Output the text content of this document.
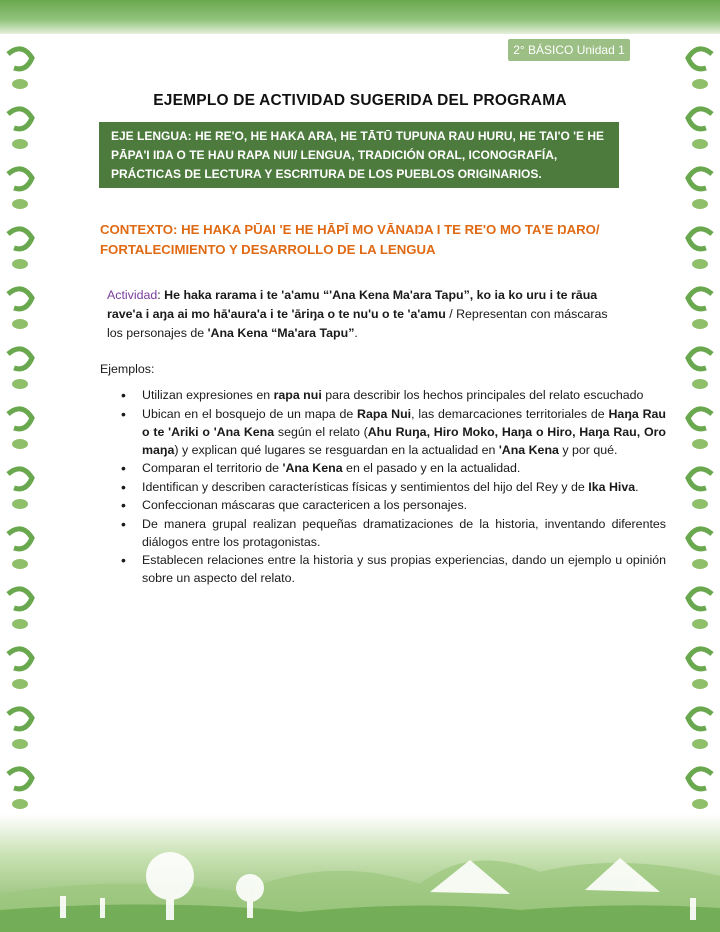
2° BÁSICO Unidad 1
EJEMPLO DE ACTIVIDAD SUGERIDA DEL PROGRAMA
EJE LENGUA: HE RE'O, HE HAKA ARA, HE TĀTŪ TUPUNA RAU HURU, HE TAI'O 'E HE PĀPA'I IŊA O TE HAU RAPA NUI/ LENGUA, TRADICIÓN ORAL, ICONOGRAFÍA, PRÁCTICAS DE LECTURA Y ESCRITURA DE LOS PUEBLOS ORIGINARIOS.
CONTEXTO: HE HAKA PŪAI 'E HE HĀPĪ MO VĀNAŊA I TE RE'O MO TA'E ŊARO/ FORTALECIMIENTO Y DESARROLLO DE LA LENGUA
Actividad: He haka rarama i te 'a'amu “'Ana Kena Ma'ara Tapu”, ko ia ko uru i te rāua rave'a i aŋa ai mo hā'aura'a i te 'āriŋa o te nu'u o te 'a'amu / Representan con máscaras los personajes de 'Ana Kena “Ma'ara Tapu”.
Ejemplos:
• Utilizan expresiones en rapa nui para describir los hechos principales del relato escuchado
• Ubican en el bosquejo de un mapa de Rapa Nui, las demarcaciones territoriales de Haŋa Rau o te 'Ariki o 'Ana Kena según el relato (Ahu Ruŋa, Hiro Moko, Haŋa o Hiro, Haŋa Rau, Oro maŋa) y explican qué lugares se resguardan en la actualidad en 'Ana Kena y por qué.
• Comparan el territorio de 'Ana Kena en el pasado y en la actualidad.
• Identifican y describen características físicas y sentimientos del hijo del Rey y de Ika Hiva.
• Confeccionan máscaras que caractericen a los personajes.
• De manera grupal realizan pequeñas dramatizaciones de la historia, inventando diferentes diálogos entre los protagonistas.
• Establecen relaciones entre la historia y sus propias experiencias, dando un ejemplo u opinión sobre un aspecto del relato.
